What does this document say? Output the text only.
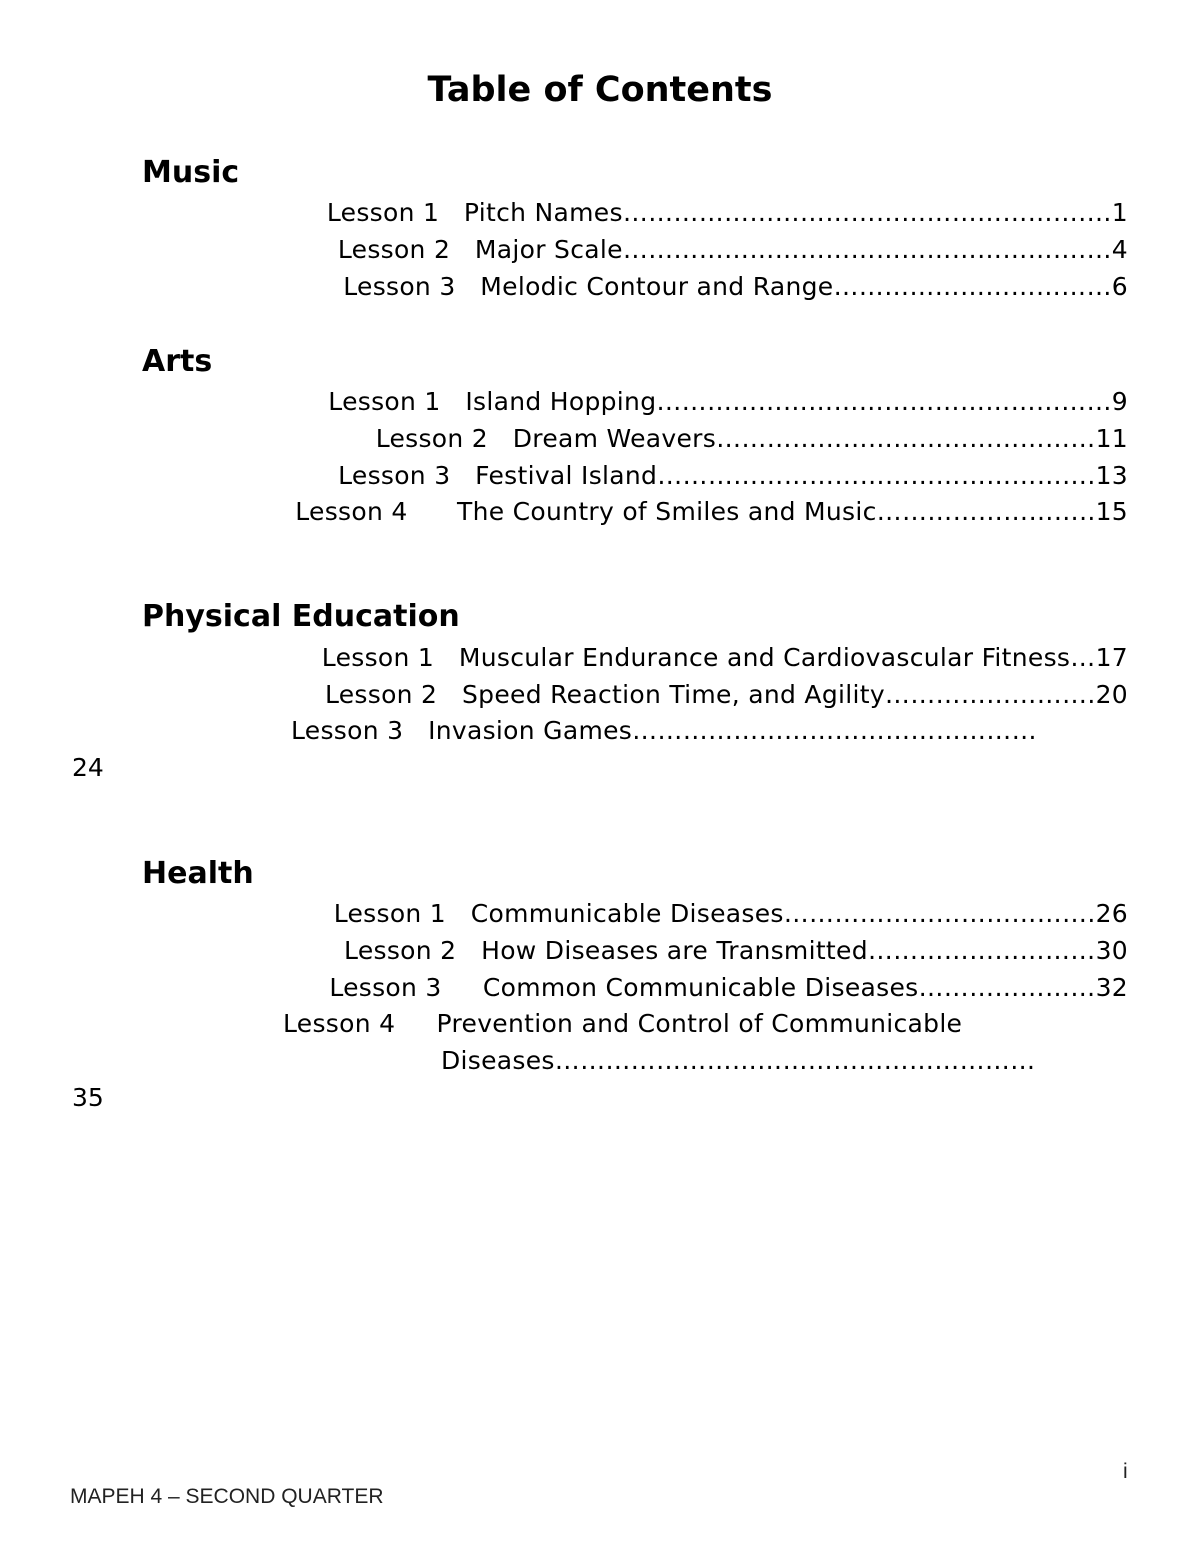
Table of Contents
Music
Lesson 1 Pitch Names……………………………………………….…1
Lesson 2 Major Scale……………………………………………….…4
Lesson 3 Melodic Contour and Range……………………………6
Arts
Lesson 1 Island Hopping………………………………………………9
Lesson 2 Dream Weavers………………………………………11
Lesson 3 Festival Island…………………………………………….13
Lesson 4 The Country of Smiles and Music……………………..15
Physical Education
Lesson 1 Muscular Endurance and Cardiovascular Fitness…17
Lesson 2 Speed Reaction Time, and Agility…………………….20
Lesson 3 Invasion Games…………………………………………
24
Health
Lesson 1 Communicable Diseases……………………………….26
Lesson 2 How Diseases are Transmitted………………………30
Lesson 3 Common Communicable Diseases…………………32
Lesson 4 Prevention and Control of Communicable
Diseases…………………………………………………
35
i
MAPEH 4 – SECOND QUARTER
